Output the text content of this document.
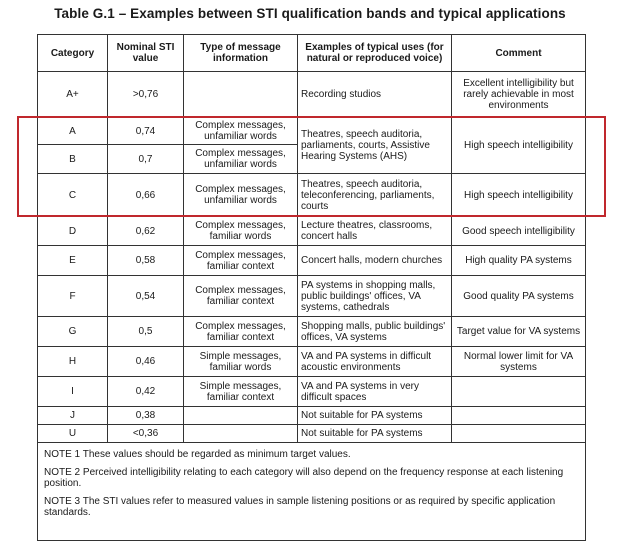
Table G.1 – Examples between STI qualification bands and typical applications
Category	Nominal STI value	Type of message information	Examples of typical uses (for natural or reproduced voice)	Comment
A+	>0,76		Recording studios	Excellent intelligibility but rarely achievable in most environments
A	0,74	Complex messages, unfamiliar words	Theatres, speech auditoria, parliaments, courts, Assistive Hearing Systems (AHS)	High speech intelligibility
B	0,7	Complex messages, unfamiliar words		
C	0,66	Complex messages, unfamiliar words	Theatres, speech auditoria, teleconferencing, parliaments, courts	High speech intelligibility
D	0,62	Complex messages, familiar words	Lecture theatres, classrooms, concert halls	Good speech intelligibility
E	0,58	Complex messages, familiar context	Concert halls, modern churches	High quality PA systems
F	0,54	Complex messages, familiar context	PA systems in shopping malls, public buildings' offices, VA systems, cathedrals	Good quality PA systems
G	0,5	Complex messages, familiar context	Shopping malls, public buildings' offices, VA systems	Target value for VA systems
H	0,46	Simple messages, familiar words	VA and PA systems in difficult acoustic environments	Normal lower limit for VA systems
I	0,42	Simple messages, familiar context	VA and PA systems in very difficult spaces	
J	0,38		Not suitable for PA systems	
U	<0,36		Not suitable for PA systems	

NOTE 1 These values should be regarded as minimum target values.
NOTE 2 Perceived intelligibility relating to each category will also depend on the frequency response at each listening position.
NOTE 3 The STI values refer to measured values in sample listening positions or as required by specific application standards.				
